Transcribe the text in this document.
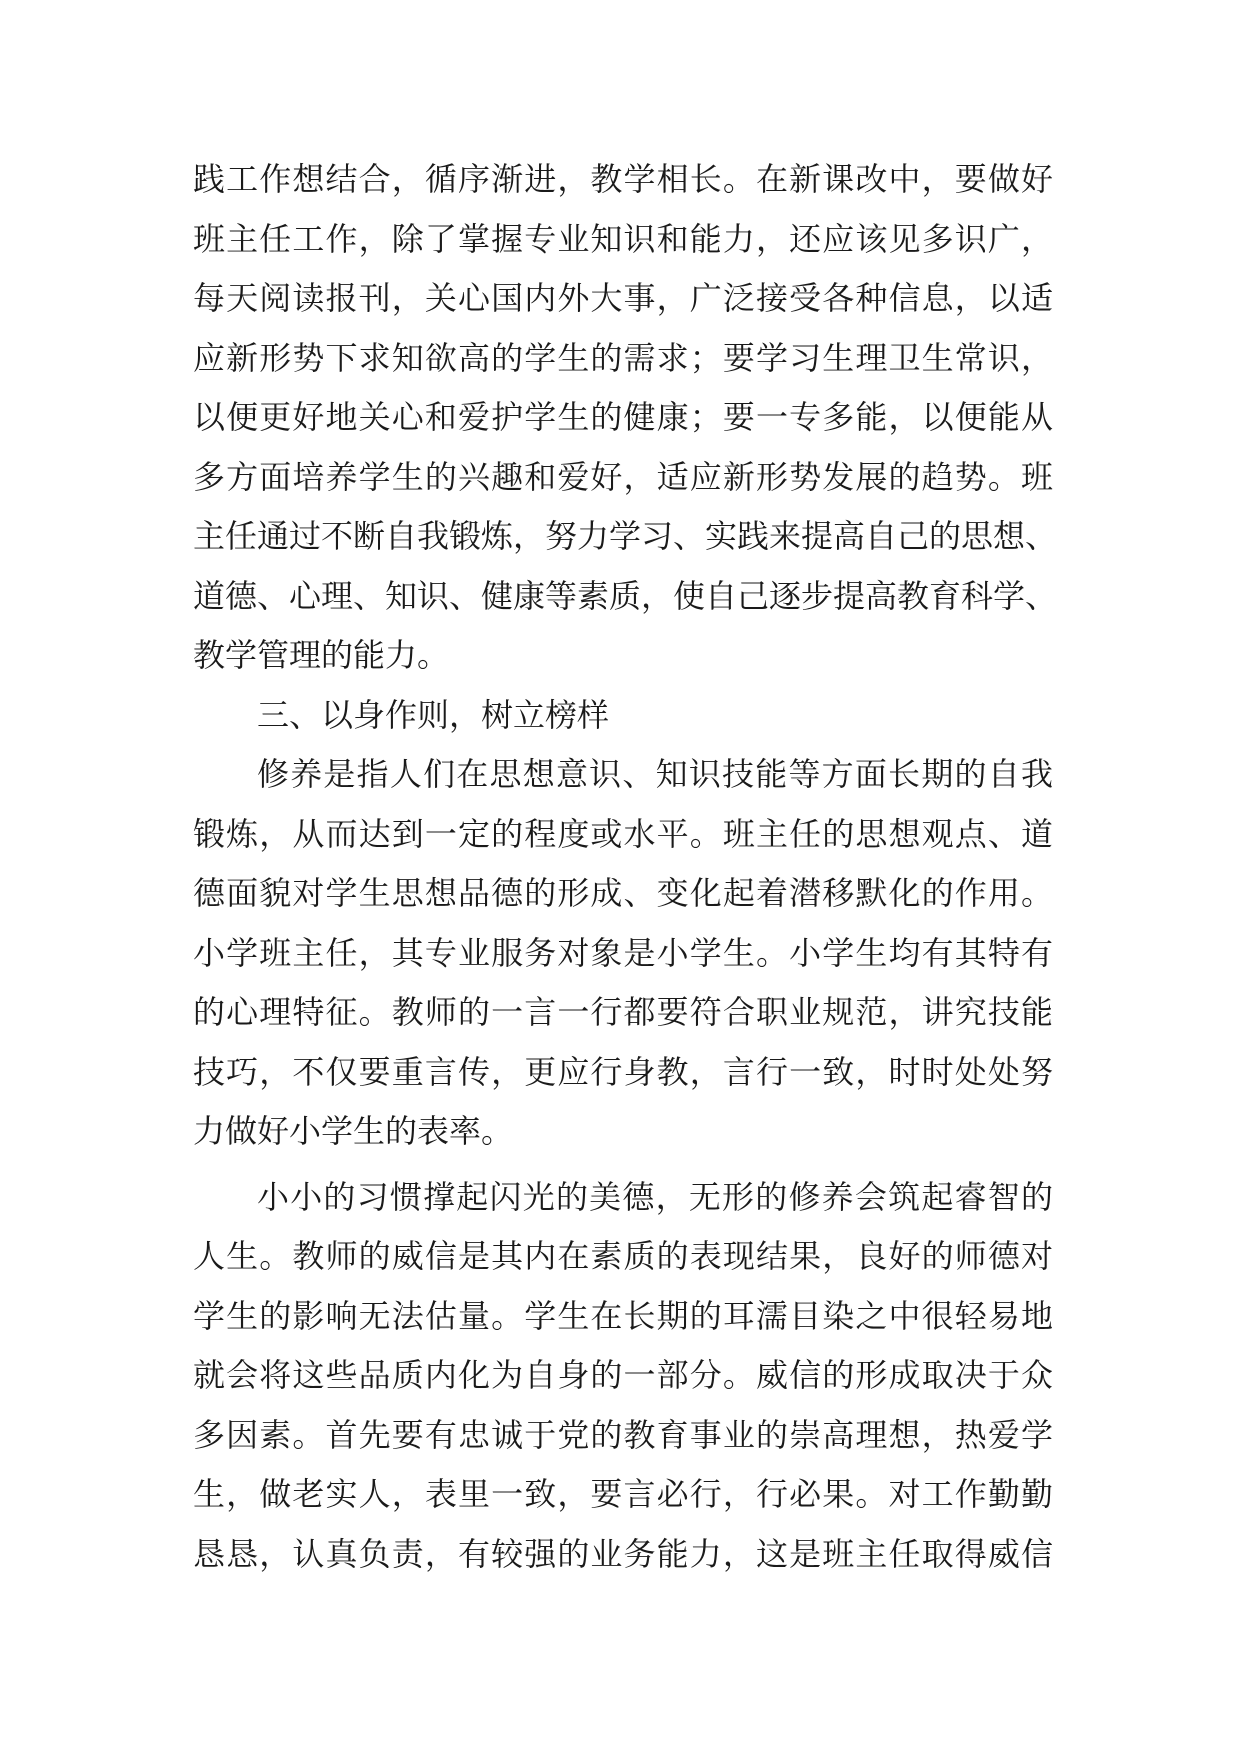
践工作想结合，循序渐进，教学相长。在新课改中，要做好
班主任工作，除了掌握专业知识和能力，还应该见多识广，
每天阅读报刊，关心国内外大事，广泛接受各种信息，以适
应新形势下求知欲高的学生的需求；要学习生理卫生常识，
以便更好地关心和爱护学生的健康；要一专多能，以便能从
多方面培养学生的兴趣和爱好，适应新形势发展的趋势。班
主任通过不断自我锻炼，努力学习、实践来提高自己的思想、
道德、心理、知识、健康等素质，使自己逐步提高教育科学、
教学管理的能力。
三、以身作则，树立榜样
修养是指人们在思想意识、知识技能等方面长期的自我
锻炼，从而达到一定的程度或水平。班主任的思想观点、道
德面貌对学生思想品德的形成、变化起着潜移默化的作用。
小学班主任，其专业服务对象是小学生。小学生均有其特有
的心理特征。教师的一言一行都要符合职业规范，讲究技能
技巧，不仅要重言传，更应行身教，言行一致，时时处处努
力做好小学生的表率。
小小的习惯撑起闪光的美德，无形的修养会筑起睿智的
人生。教师的威信是其内在素质的表现结果，良好的师德对
学生的影响无法估量。学生在长期的耳濡目染之中很轻易地
就会将这些品质内化为自身的一部分。威信的形成取决于众
多因素。首先要有忠诚于党的教育事业的崇高理想，热爱学
生，做老实人，表里一致，要言必行，行必果。对工作勤勤
恳恳，认真负责，有较强的业务能力，这是班主任取得威信
